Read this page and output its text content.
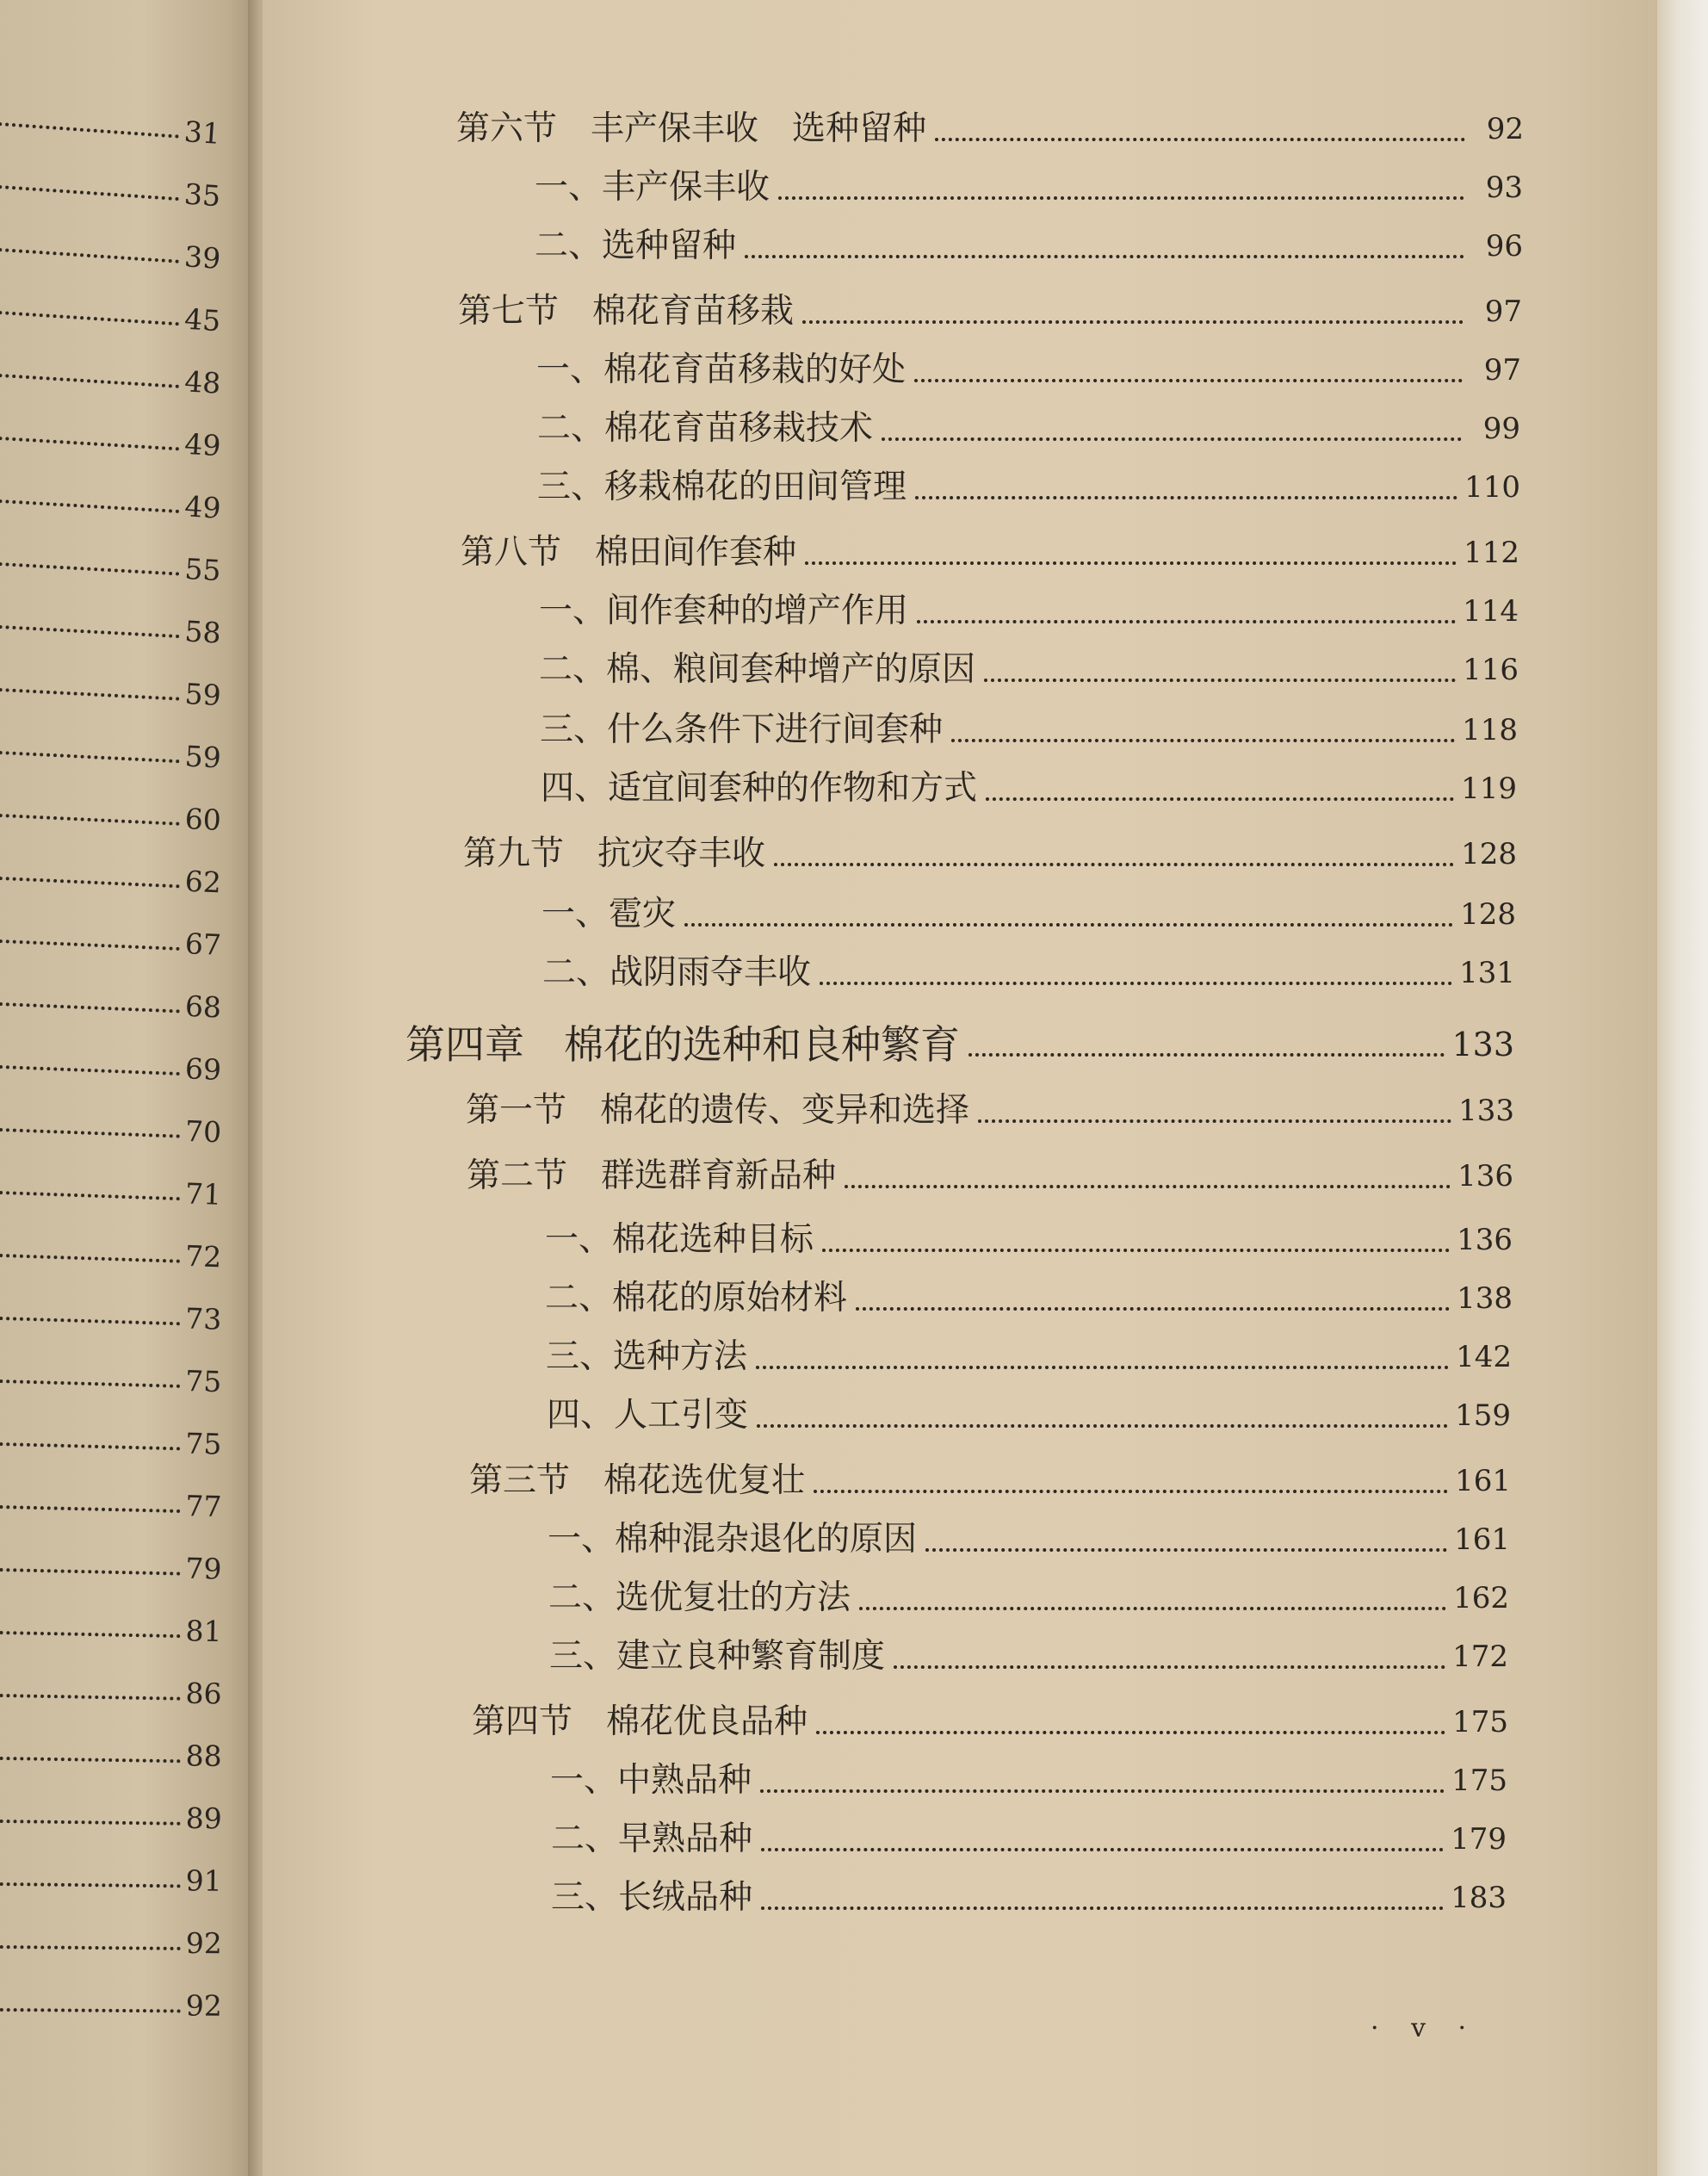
31
35
39
45
48
49
49
55
58
59
59
60
62
67
68
69
70
71
72
73
75
75
77
79
81
86
88
89
91
92
92
第六节　丰产保丰收　选种留种	92
一、丰产保丰收	93
二、选种留种	96
第七节　棉花育苗移栽	97
一、棉花育苗移栽的好处	97
二、棉花育苗移栽技术	99
三、移栽棉花的田间管理	110
第八节　棉田间作套种	112
一、间作套种的增产作用	114
二、棉、粮间套种增产的原因	116
三、什么条件下进行间套种	118
四、适宜间套种的作物和方式	119
第九节　抗灾夺丰收	128
一、雹灾	128
二、战阴雨夺丰收	131
第四章　棉花的选种和良种繁育	133
第一节　棉花的遗传、变异和选择	133
第二节　群选群育新品种	136
一、棉花选种目标	136
二、棉花的原始材料	138
三、选种方法	142
四、人工引变	159
第三节　棉花选优复壮	161
一、棉种混杂退化的原因	161
二、选优复壮的方法	162
三、建立良种繁育制度	172
第四节　棉花优良品种	175
一、中熟品种	175
二、早熟品种	179
三、长绒品种	183
· v ·
